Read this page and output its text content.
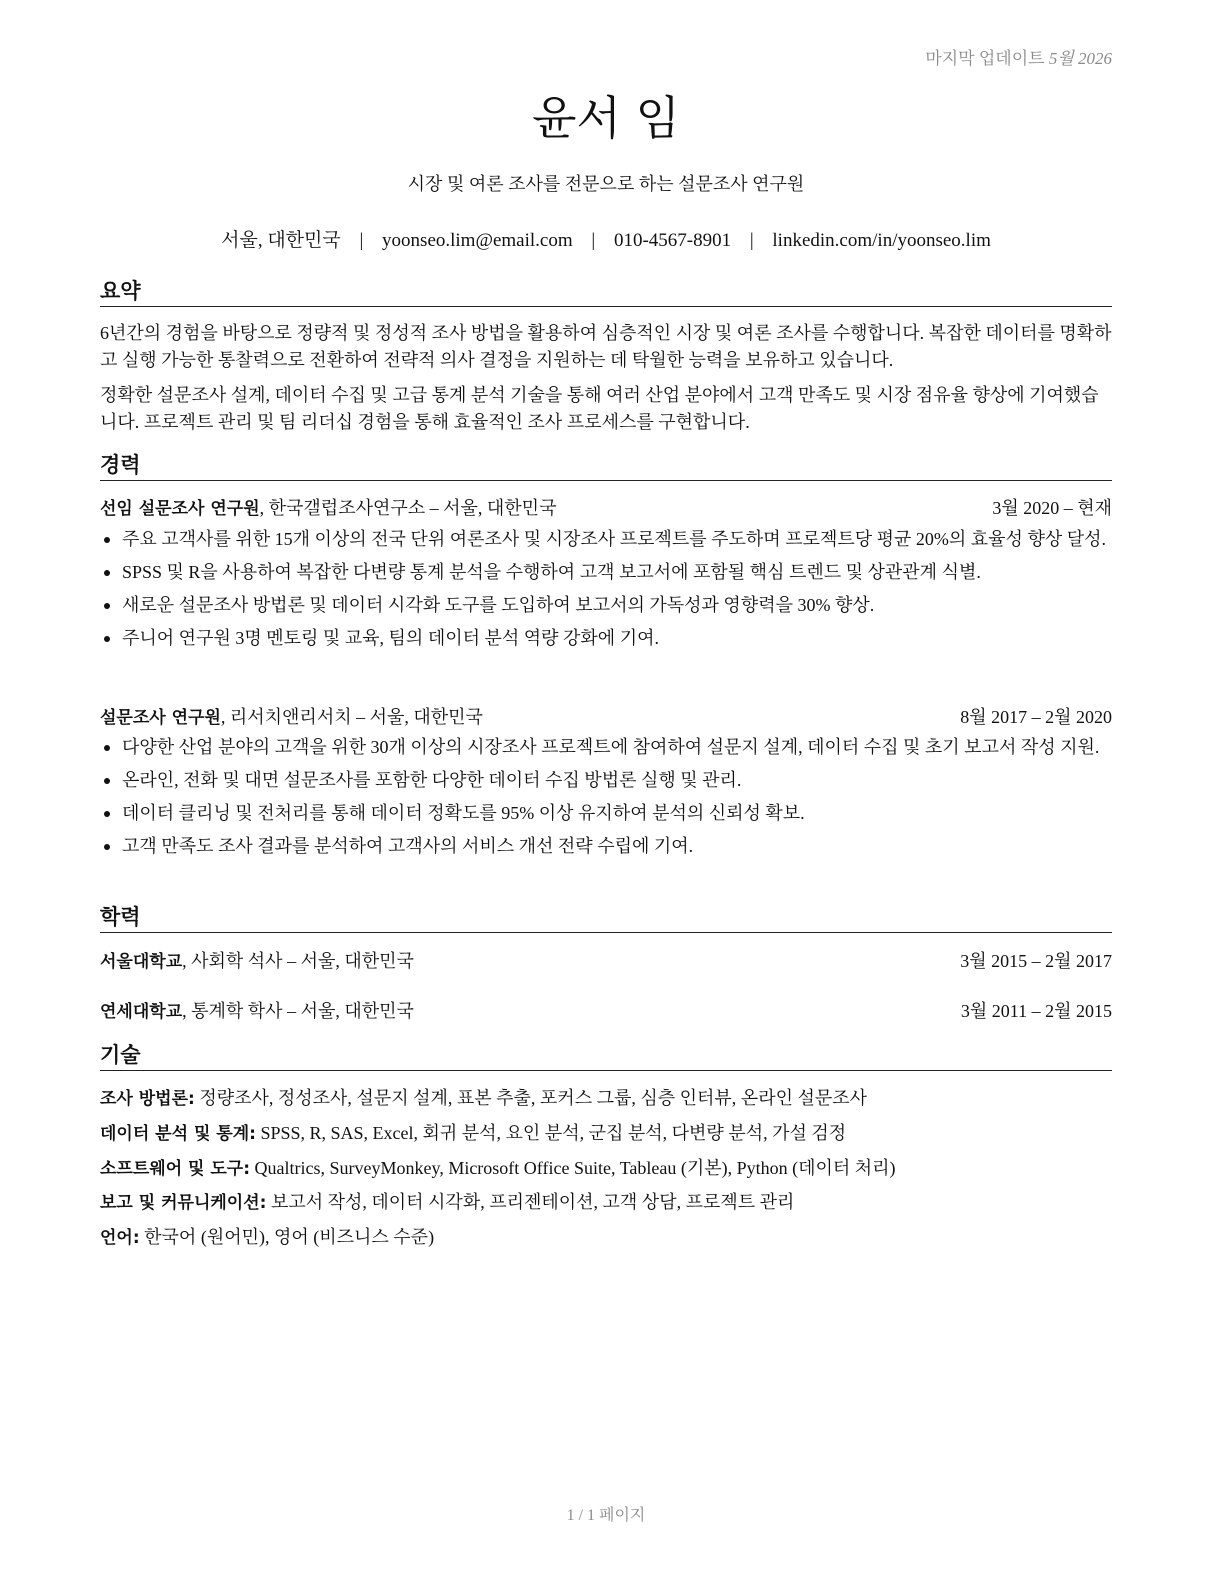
마지막 업데이트 5월 2026
윤서 임
시장 및 여론 조사를 전문으로 하는 설문조사 연구원
서울, 대한민국 | yoonseo.lim@email.com | 010-4567-8901 | linkedin.com/in/yoonseo.lim
요약
6년간의 경험을 바탕으로 정량적 및 정성적 조사 방법을 활용하여 심층적인 시장 및 여론 조사를 수행합니다. 복잡한 데이터를 명확하고 실행 가능한 통찰력으로 전환하여 전략적 의사 결정을 지원하는 데 탁월한 능력을 보유하고 있습니다.
정확한 설문조사 설계, 데이터 수집 및 고급 통계 분석 기술을 통해 여러 산업 분야에서 고객 만족도 및 시장 점유율 향상에 기여했습니다. 프로젝트 관리 및 팀 리더십 경험을 통해 효율적인 조사 프로세스를 구현합니다.
경력
선임 설문조사 연구원, 한국갤럽조사연구소 – 서울, 대한민국	3월 2020 – 현재
주요 고객사를 위한 15개 이상의 전국 단위 여론조사 및 시장조사 프로젝트를 주도하며 프로젝트당 평균 20%의 효율성 향상 달성.
SPSS 및 R을 사용하여 복잡한 다변량 통계 분석을 수행하여 고객 보고서에 포함될 핵심 트렌드 및 상관관계 식별.
새로운 설문조사 방법론 및 데이터 시각화 도구를 도입하여 보고서의 가독성과 영향력을 30% 향상.
주니어 연구원 3명 멘토링 및 교육, 팀의 데이터 분석 역량 강화에 기여.
설문조사 연구원, 리서치앤리서치 – 서울, 대한민국	8월 2017 – 2월 2020
다양한 산업 분야의 고객을 위한 30개 이상의 시장조사 프로젝트에 참여하여 설문지 설계, 데이터 수집 및 초기 보고서 작성 지원.
온라인, 전화 및 대면 설문조사를 포함한 다양한 데이터 수집 방법론 실행 및 관리.
데이터 클리닝 및 전처리를 통해 데이터 정확도를 95% 이상 유지하여 분석의 신뢰성 확보.
고객 만족도 조사 결과를 분석하여 고객사의 서비스 개선 전략 수립에 기여.
학력
서울대학교, 사회학 석사 – 서울, 대한민국	3월 2015 – 2월 2017
연세대학교, 통계학 학사 – 서울, 대한민국	3월 2011 – 2월 2015
기술
조사 방법론: 정량조사, 정성조사, 설문지 설계, 표본 추출, 포커스 그룹, 심층 인터뷰, 온라인 설문조사
데이터 분석 및 통계: SPSS, R, SAS, Excel, 회귀 분석, 요인 분석, 군집 분석, 다변량 분석, 가설 검정
소프트웨어 및 도구: Qualtrics, SurveyMonkey, Microsoft Office Suite, Tableau (기본), Python (데이터 처리)
보고 및 커뮤니케이션: 보고서 작성, 데이터 시각화, 프리젠테이션, 고객 상담, 프로젝트 관리
언어: 한국어 (원어민), 영어 (비즈니스 수준)
1 / 1 페이지
